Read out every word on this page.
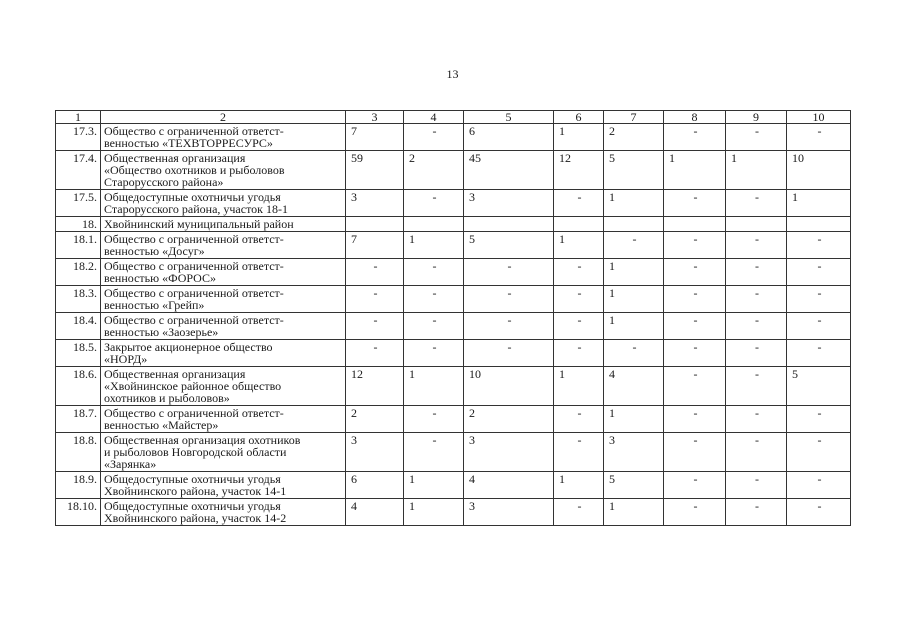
13
1	2	3	4	5	6	7	8	9	10
17.3.	Общество с ограниченной ответст-
венностью «ТЕХВТОРРЕСУРС»	7	-	6	1	2	-	-	-
17.4.	Общественная организация
«Общество охотников и рыболовов
Старорусского района»	59	2	45	12	5	1	1	10
17.5.	Общедоступные охотничьи угодья
Старорусского района, участок 18-1	3	-	3	-	1	-	-	1
18.	Хвойнинский муниципальный район								
18.1.	Общество с ограниченной ответст-
венностью «Досуг»	7	1	5	1	-	-	-	-
18.2.	Общество с ограниченной ответст-
венностью «ФОРОС»	-	-	-	-	1	-	-	-
18.3.	Общество с ограниченной ответст-
венностью «Грейп»	-	-	-	-	1	-	-	-
18.4.	Общество с ограниченной ответст-
венностью «Заозерье»	-	-	-	-	1	-	-	-
18.5.	Закрытое акционерное общество
«НОРД»	-	-	-	-	-	-	-	-
18.6.	Общественная организация
«Хвойнинское районное общество
охотников и рыболовов»	12	1	10	1	4	-	-	5
18.7.	Общество с ограниченной ответст-
венностью «Майстер»	2	-	2	-	1	-	-	-
18.8.	Общественная организация охотников
и рыболовов Новгородской области
«Зарянка»	3	-	3	-	3	-	-	-
18.9.	Общедоступные охотничьи угодья
Хвойнинского района, участок 14-1	6	1	4	1	5	-	-	-
18.10.	Общедоступные охотничьи угодья
Хвойнинского района, участок 14-2	4	1	3	-	1	-	-	-
